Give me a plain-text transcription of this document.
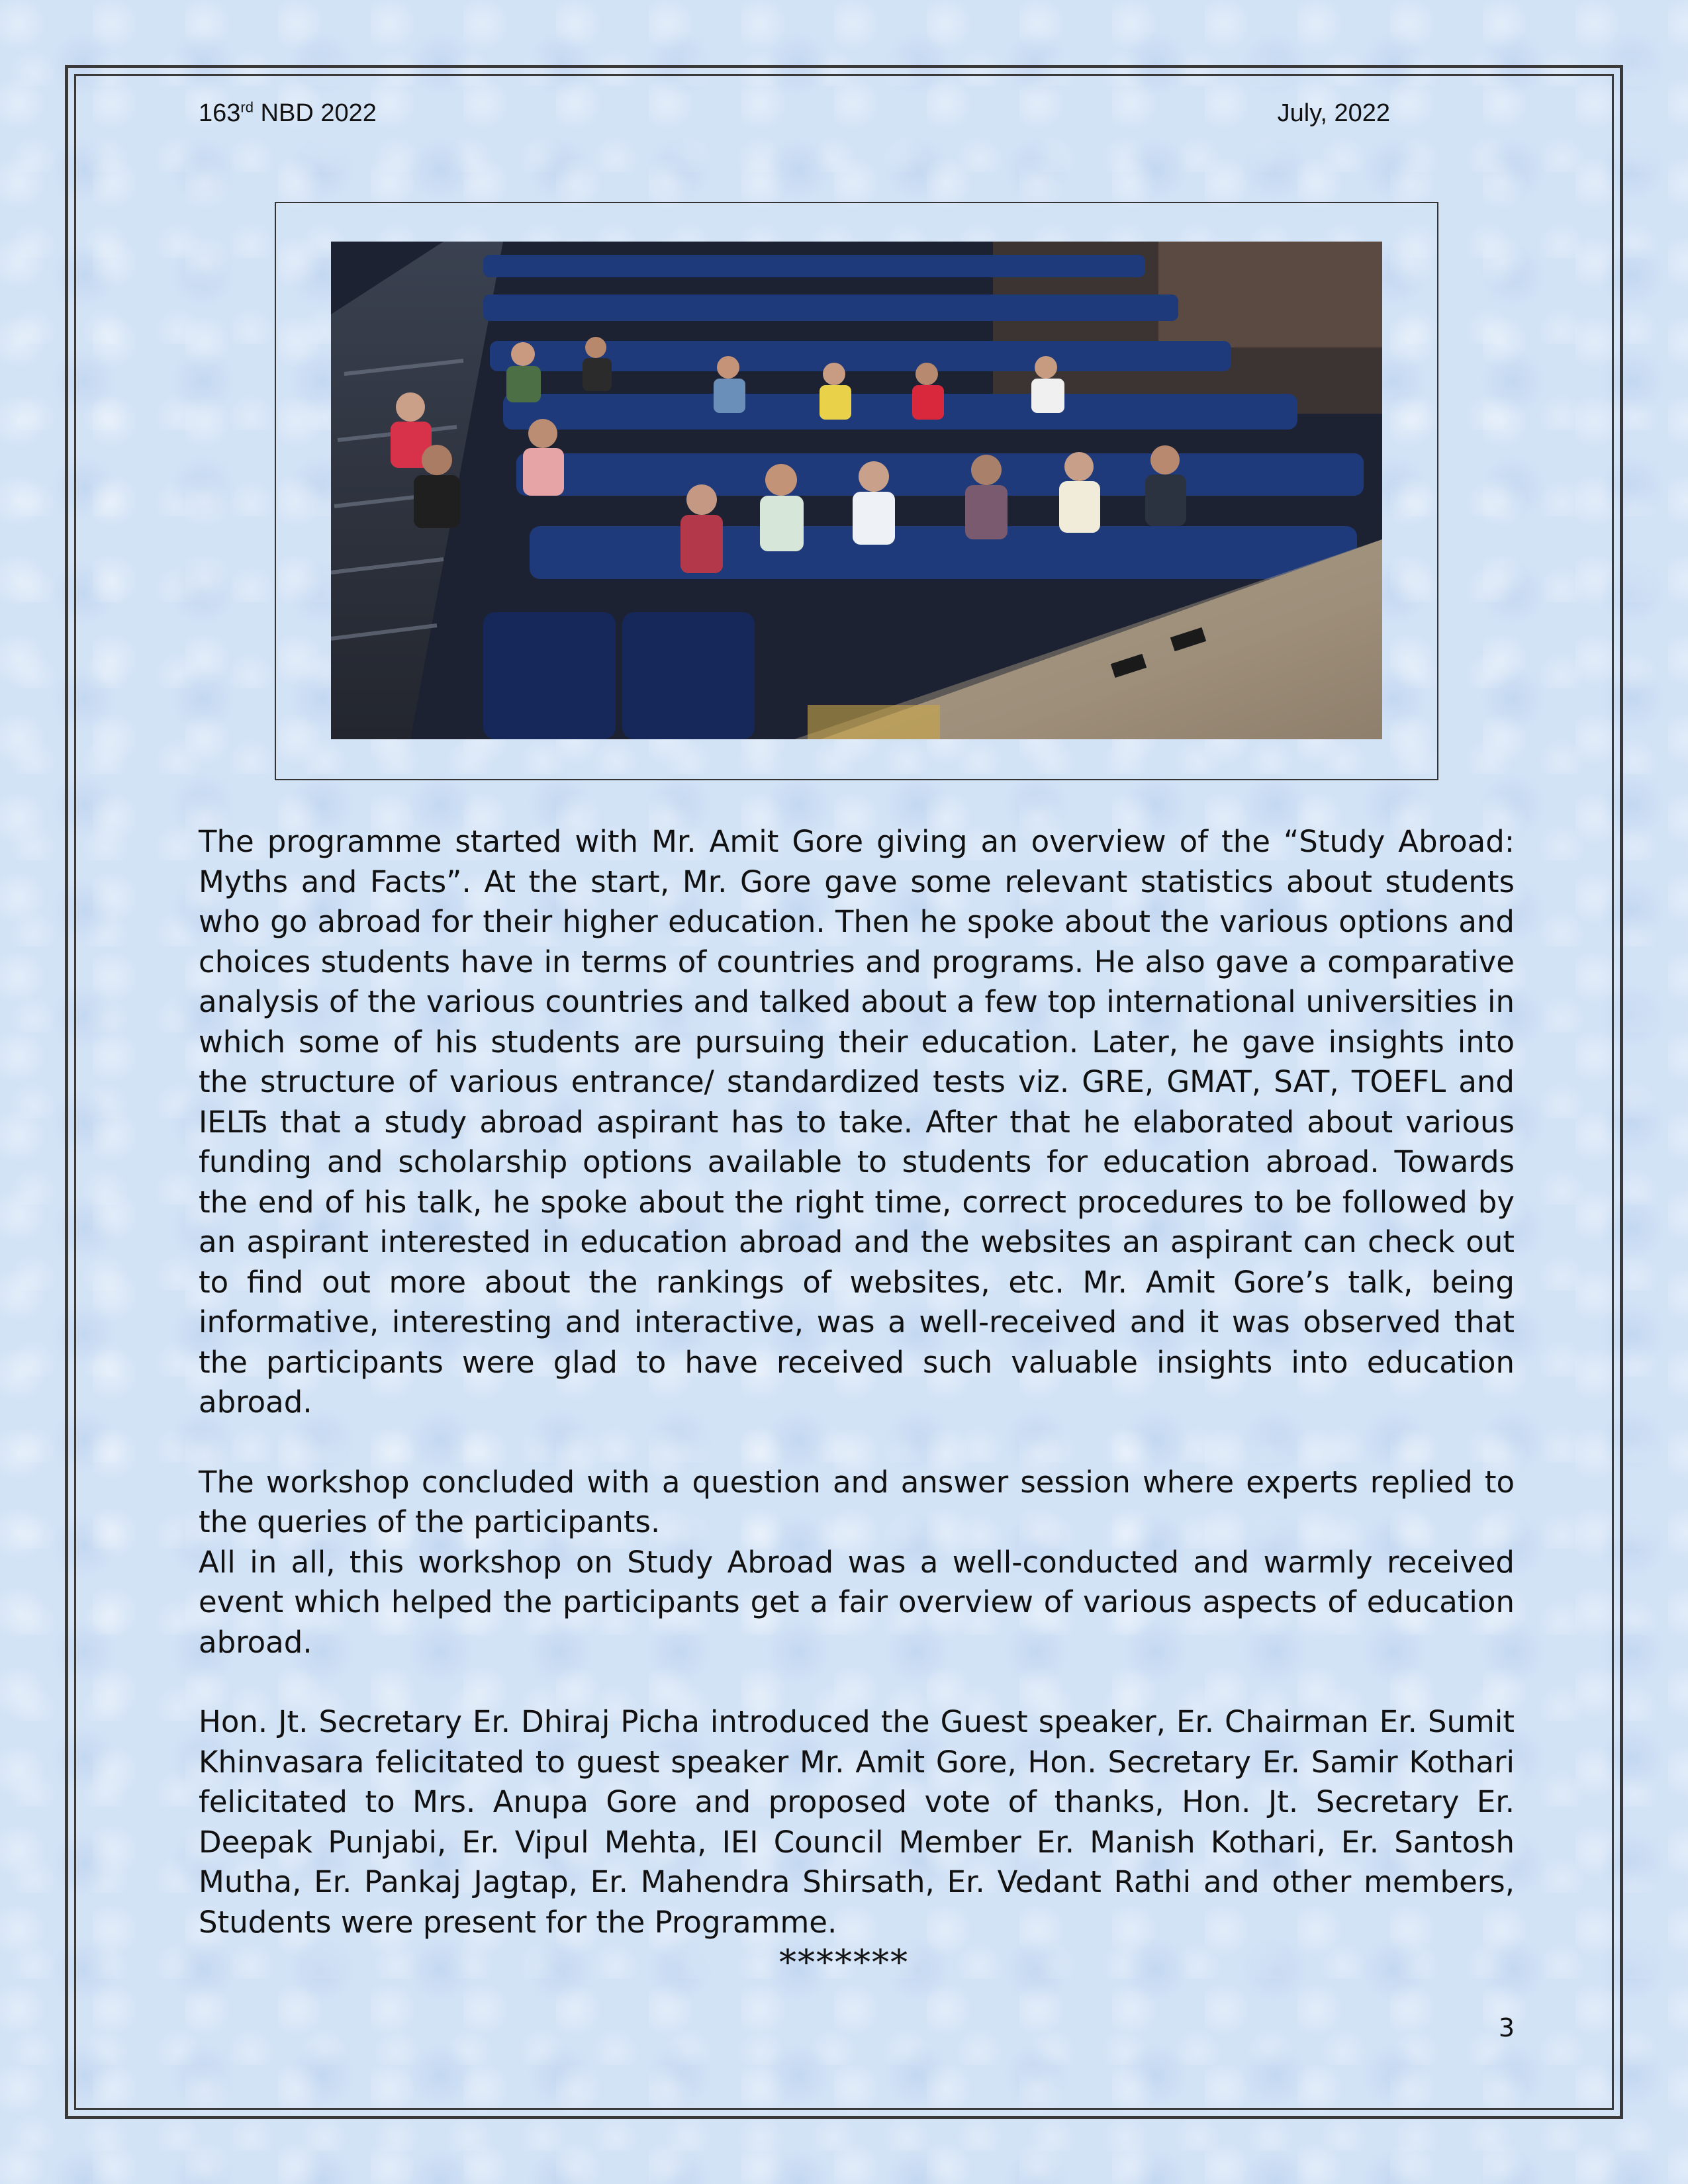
163rd NBD 2022	July, 2022

The programme started with Mr. Amit Gore giving an overview of the “Study Abroad: Myths and Facts”. At the start, Mr. Gore gave some relevant statistics about students who go abroad for their higher education. Then he spoke about the various options and choices students have in terms of countries and programs. He also gave a comparative analysis of the various countries and talked about a few top international universities in which some of his students are pursuing their education. Later, he gave insights into the structure of various entrance/ standardized tests viz. GRE, GMAT, SAT, TOEFL and IELTs that a study abroad aspirant has to take. After that he elaborated about various funding and scholarship options available to students for education abroad. Towards the end of his talk, he spoke about the right time, correct procedures to be followed by an aspirant interested in education abroad and the websites an aspirant can check out to find out more about the rankings of websites, etc. Mr. Amit Gore’s talk, being informative, interesting and interactive, was a well-received and it was observed that the participants were glad to have received such valuable insights into education abroad.

The workshop concluded with a question and answer session where experts replied to the queries of the participants.

All in all, this workshop on Study Abroad was a well-conducted and warmly received event which helped the participants get a fair overview of various aspects of education abroad.

Hon. Jt. Secretary Er. Dhiraj Picha introduced the Guest speaker, Er. Chairman Er. Sumit Khinvasara felicitated to guest speaker Mr. Amit Gore, Hon. Secretary Er. Samir Kothari felicitated to Mrs. Anupa Gore and proposed vote of thanks, Hon. Jt. Secretary Er. Deepak Punjabi, Er. Vipul Mehta, IEI Council Member Er. Manish Kothari, Er. Santosh Mutha, Er. Pankaj Jagtap, Er. Mahendra Shirsath, Er. Vedant Rathi and other members, Students were present for the Programme.

*******
3
